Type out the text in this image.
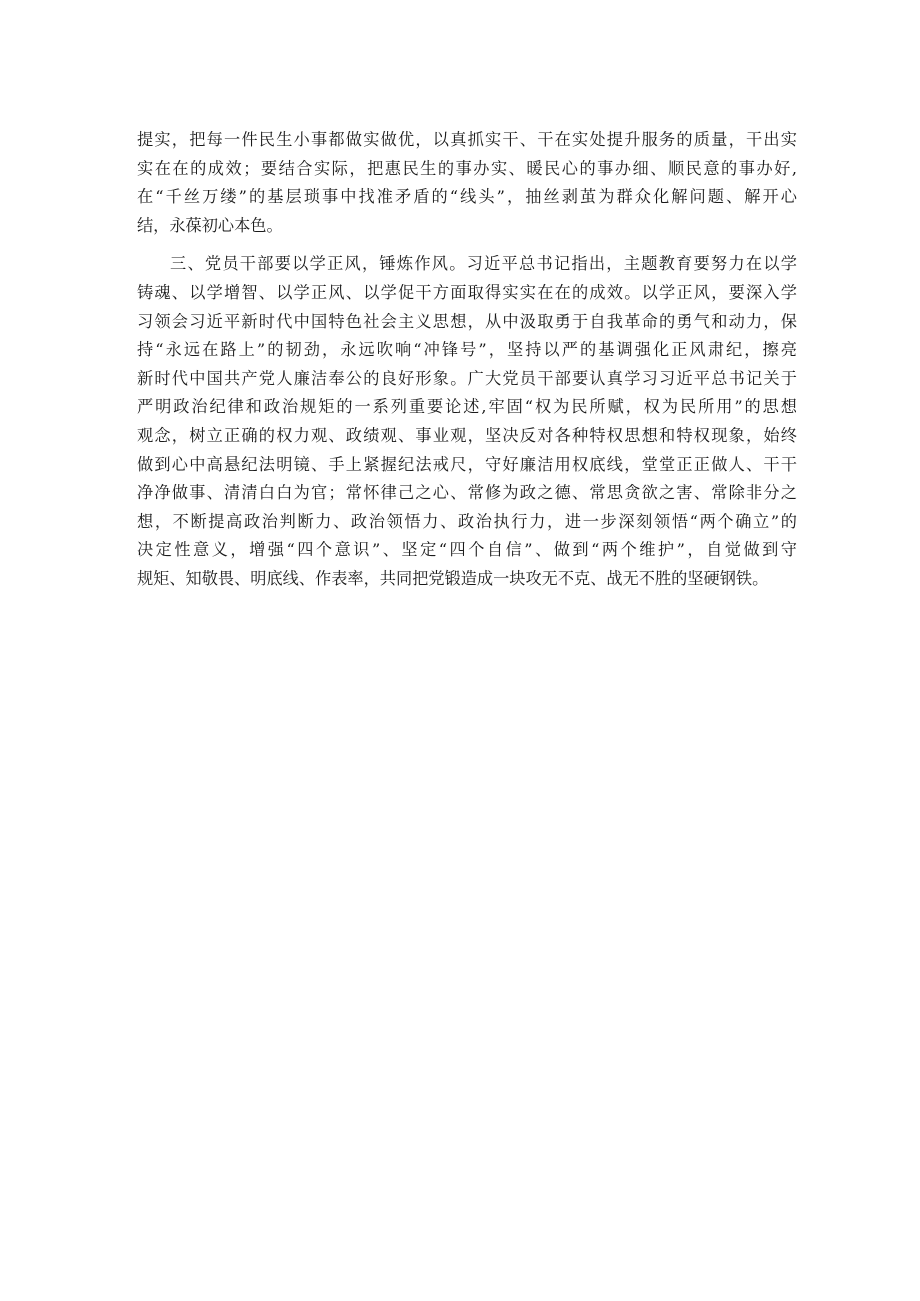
提实，把每一件民生小事都做实做优，以真抓实干、干在实处提升服务的质量，干出实
实在在的成效；要结合实际，把惠民生的事办实、暖民心的事办细、顺民意的事办好,
在“千丝万缕”的基层琐事中找准矛盾的“线头”，抽丝剥茧为群众化解问题、解开心
结，永葆初心本色。
三、党员干部要以学正风，锤炼作风。习近平总书记指出，主题教育要努力在以学
铸魂、以学增智、以学正风、以学促干方面取得实实在在的成效。以学正风，要深入学
习领会习近平新时代中国特色社会主义思想，从中汲取勇于自我革命的勇气和动力，保
持“永远在路上”的韧劲，永远吹响“冲锋号”，坚持以严的基调强化正风肃纪，擦亮
新时代中国共产党人廉洁奉公的良好形象。广大党员干部要认真学习习近平总书记关于
严明政治纪律和政治规矩的一系列重要论述,牢固“权为民所赋，权为民所用”的思想
观念，树立正确的权力观、政绩观、事业观，坚决反对各种特权思想和特权现象，始终
做到心中高悬纪法明镜、手上紧握纪法戒尺，守好廉洁用权底线，堂堂正正做人、干干
净净做事、清清白白为官；常怀律己之心、常修为政之德、常思贪欲之害、常除非分之
想，不断提高政治判断力、政治领悟力、政治执行力，进一步深刻领悟“两个确立”的
决定性意义，增强“四个意识”、坚定“四个自信”、做到“两个维护”，自觉做到守
规矩、知敬畏、明底线、作表率，共同把党锻造成一块攻无不克、战无不胜的坚硬钢铁。
